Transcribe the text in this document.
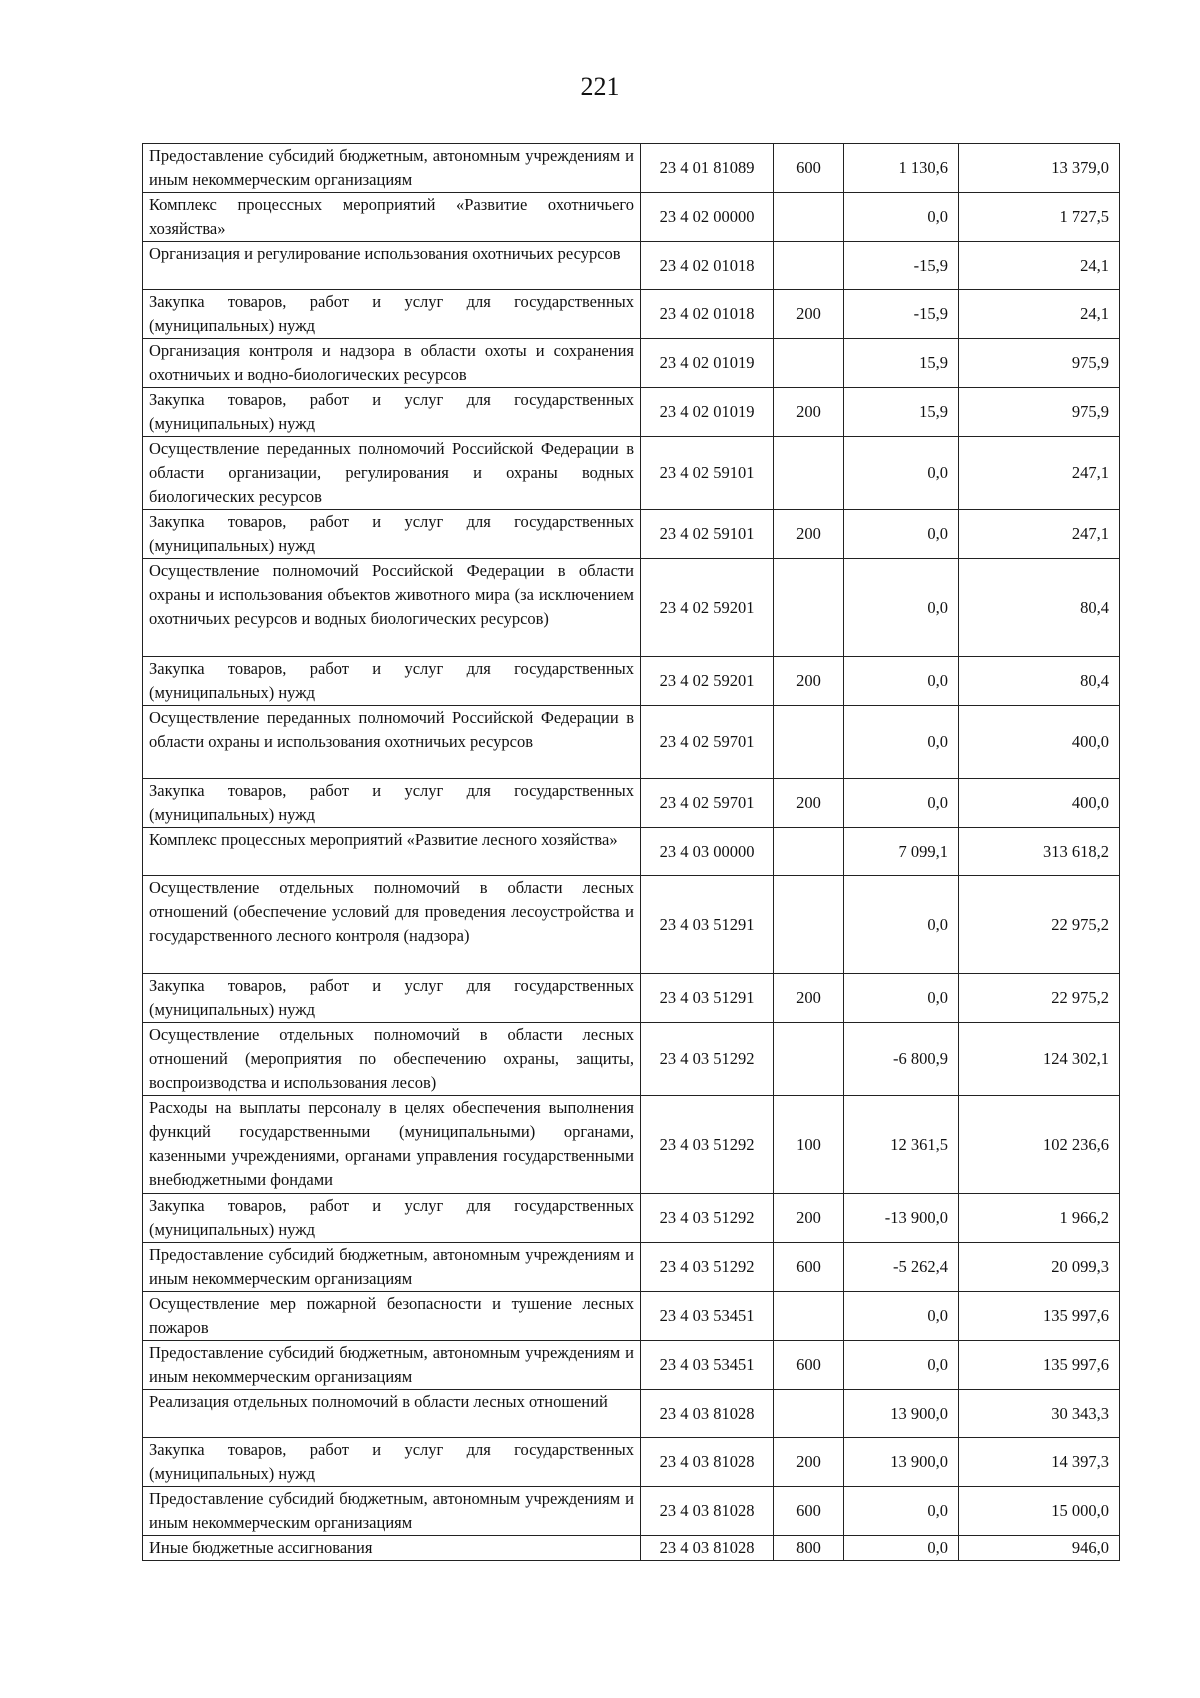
221
Предоставление субсидий бюджетным, автономным учреждениям и иным некоммерческим организациям	23 4 01 81089	600	1 130,6	13 379,0
Комплекс процессных мероприятий «Развитие охотничьего хозяйства»	23 4 02 00000		0,0	1 727,5
Организация и регулирование использования охотничьих ресурсов	23 4 02 01018		-15,9	24,1
Закупка товаров, работ и услуг для государственных (муниципальных) нужд	23 4 02 01018	200	-15,9	24,1
Организация контроля и надзора в области охоты и сохранения охотничьих и водно-биологических ресурсов	23 4 02 01019		15,9	975,9
Закупка товаров, работ и услуг для государственных (муниципальных) нужд	23 4 02 01019	200	15,9	975,9
Осуществление переданных полномочий Российской Федерации в области организации, регулирования и охраны водных биологических ресурсов	23 4 02 59101		0,0	247,1
Закупка товаров, работ и услуг для государственных (муниципальных) нужд	23 4 02 59101	200	0,0	247,1
Осуществление полномочий Российской Федерации в области охраны и использования объектов животного мира (за исключением охотничьих ресурсов и водных биологических ресурсов)	23 4 02 59201		0,0	80,4
Закупка товаров, работ и услуг для государственных (муниципальных) нужд	23 4 02 59201	200	0,0	80,4
Осуществление переданных полномочий Российской Федерации в области охраны и использования охотничьих ресурсов	23 4 02 59701		0,0	400,0
Закупка товаров, работ и услуг для государственных (муниципальных) нужд	23 4 02 59701	200	0,0	400,0
Комплекс процессных мероприятий «Развитие лесного хозяйства»	23 4 03 00000		7 099,1	313 618,2
Осуществление отдельных полномочий в области лесных отношений (обеспечение условий для проведения лесоустройства и государственного лесного контроля (надзора)	23 4 03 51291		0,0	22 975,2
Закупка товаров, работ и услуг для государственных (муниципальных) нужд	23 4 03 51291	200	0,0	22 975,2
Осуществление отдельных полномочий в области лесных отношений (мероприятия по обеспечению охраны, защиты, воспроизводства и использования лесов)	23 4 03 51292		-6 800,9	124 302,1
Расходы на выплаты персоналу в целях обеспечения выполнения функций государственными (муниципальными) органами, казенными учреждениями, органами управления государственными внебюджетными фондами	23 4 03 51292	100	12 361,5	102 236,6
Закупка товаров, работ и услуг для государственных (муниципальных) нужд	23 4 03 51292	200	-13 900,0	1 966,2
Предоставление субсидий бюджетным, автономным учреждениям и иным некоммерческим организациям	23 4 03 51292	600	-5 262,4	20 099,3
Осуществление мер пожарной безопасности и тушение лесных пожаров	23 4 03 53451		0,0	135 997,6
Предоставление субсидий бюджетным, автономным учреждениям и иным некоммерческим организациям	23 4 03 53451	600	0,0	135 997,6
Реализация отдельных полномочий в области лесных отношений	23 4 03 81028		13 900,0	30 343,3
Закупка товаров, работ и услуг для государственных (муниципальных) нужд	23 4 03 81028	200	13 900,0	14 397,3
Предоставление субсидий бюджетным, автономным учреждениям и иным некоммерческим организациям	23 4 03 81028	600	0,0	15 000,0
Иные бюджетные ассигнования	23 4 03 81028	800	0,0	946,0
